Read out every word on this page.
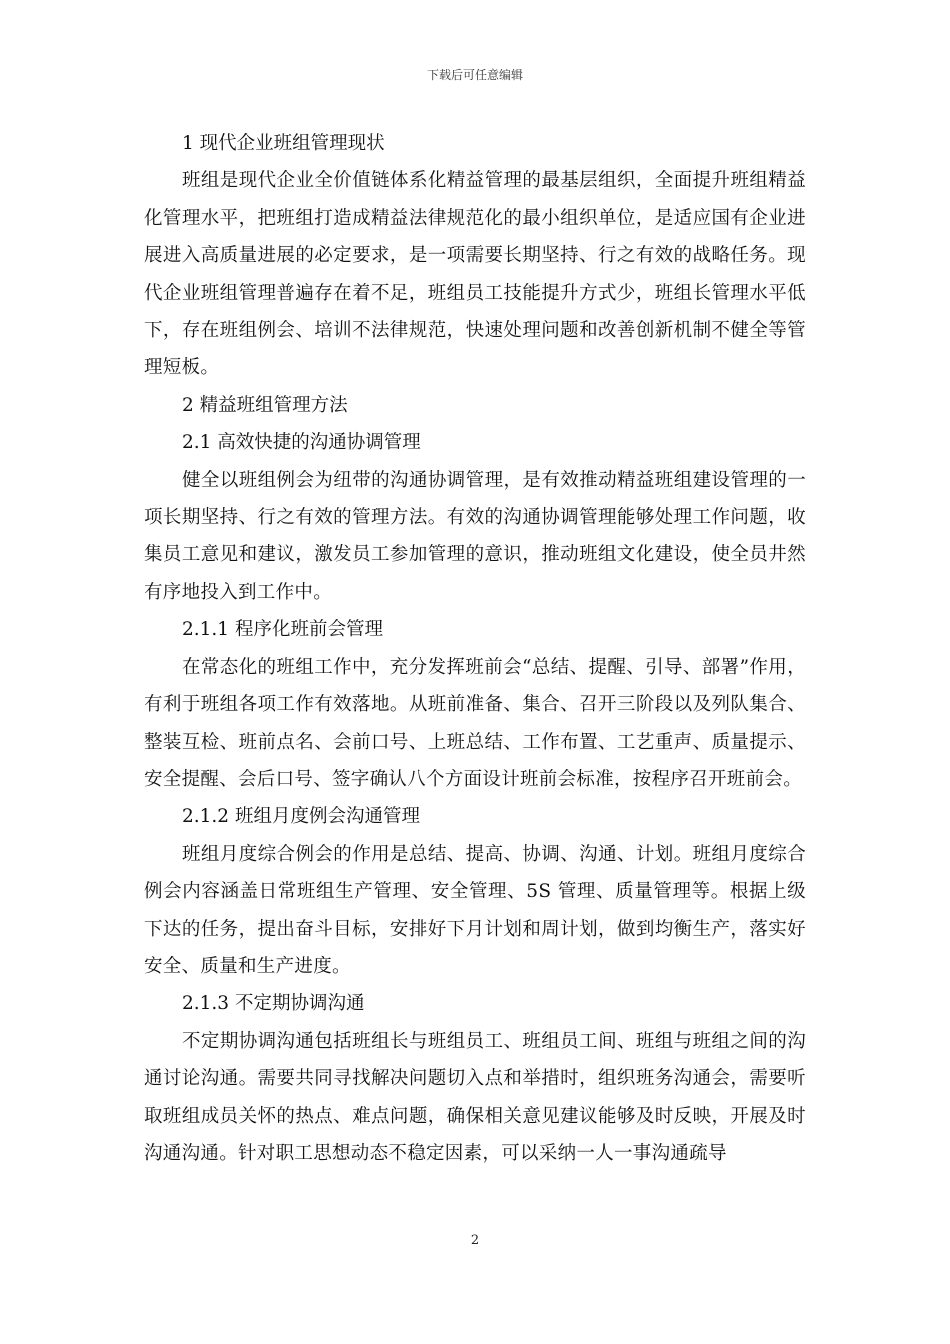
下载后可任意编辑

1 现代企业班组管理现状

班组是现代企业全价值链体系化精益管理的最基层组织，全面提升班组精益化管理水平，把班组打造成精益法律规范化的最小组织单位，是适应国有企业进展进入高质量进展的必定要求，是一项需要长期坚持、行之有效的战略任务。现代企业班组管理普遍存在着不足，班组员工技能提升方式少，班组长管理水平低下，存在班组例会、培训不法律规范，快速处理问题和改善创新机制不健全等管理短板。

2 精益班组管理方法

2.1 高效快捷的沟通协调管理

健全以班组例会为纽带的沟通协调管理，是有效推动精益班组建设管理的一项长期坚持、行之有效的管理方法。有效的沟通协调管理能够处理工作问题，收集员工意见和建议，激发员工参加管理的意识，推动班组文化建设，使全员井然有序地投入到工作中。

2.1.1 程序化班前会管理

在常态化的班组工作中，充分发挥班前会“总结、提醒、引导、部署”作用，有利于班组各项工作有效落地。从班前准备、集合、召开三阶段以及列队集合、整装互检、班前点名、会前口号、上班总结、工作布置、工艺重声、质量提示、安全提醒、会后口号、签字确认八个方面设计班前会标准，按程序召开班前会。

2.1.2 班组月度例会沟通管理

班组月度综合例会的作用是总结、提高、协调、沟通、计划。班组月度综合例会内容涵盖日常班组生产管理、安全管理、5S 管理、质量管理等。根据上级下达的任务，提出奋斗目标，安排好下月计划和周计划，做到均衡生产，落实好安全、质量和生产进度。

2.1.3 不定期协调沟通

不定期协调沟通包括班组长与班组员工、班组员工间、班组与班组之间的沟通讨论沟通。需要共同寻找解决问题切入点和举措时，组织班务沟通会，需要听取班组成员关怀的热点、难点问题，确保相关意见建议能够及时反映，开展及时沟通沟通。针对职工思想动态不稳定因素，可以采纳一人一事沟通疏导

2
